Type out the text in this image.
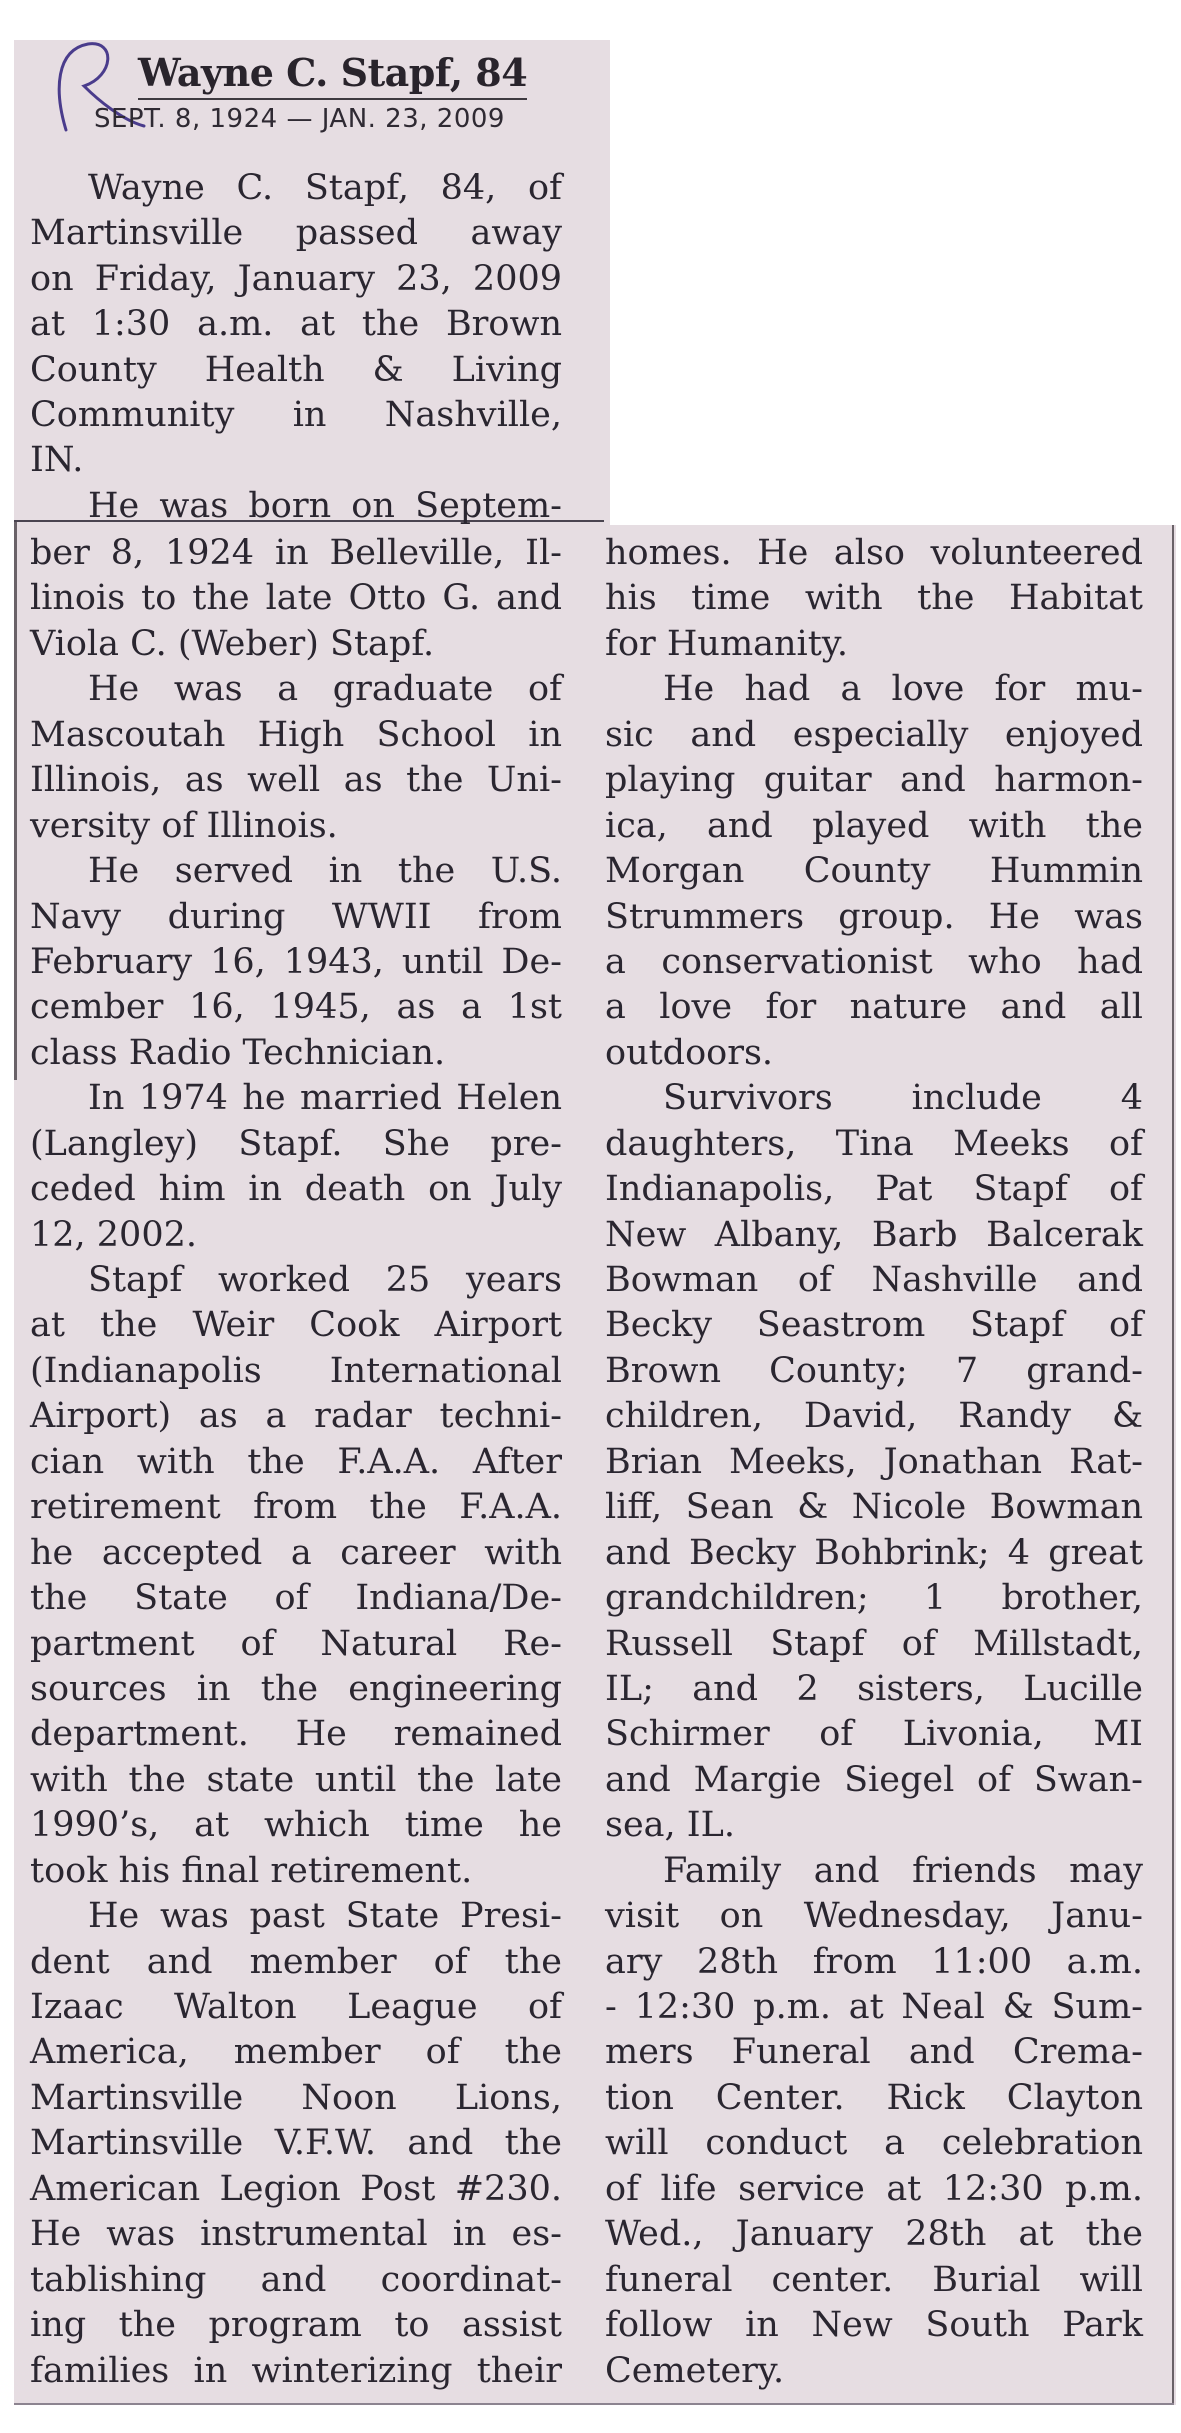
Wayne C. Stapf, 84
SEPT. 8, 1924 — JAN. 23, 2009
Wayne C. Stapf, 84, of
Martinsville passed away
on Friday, January 23, 2009
at 1:30 a.m. at the Brown
County Health & Living
Community in Nashville,
IN.
He was born on Septem-
ber 8, 1924 in Belleville, Il-
linois to the late Otto G. and
Viola C. (Weber) Stapf.
He was a graduate of
Mascoutah High School in
Illinois, as well as the Uni-
versity of Illinois.
He served in the U.S.
Navy during WWII from
February 16, 1943, until De-
cember 16, 1945, as a 1st
class Radio Technician.
In 1974 he married Helen
(Langley) Stapf. She pre-
ceded him in death on July
12, 2002.
Stapf worked 25 years
at the Weir Cook Airport
(Indianapolis International
Airport) as a radar techni-
cian with the F.A.A. After
retirement from the F.A.A.
he accepted a career with
the State of Indiana/De-
partment of Natural Re-
sources in the engineering
department. He remained
with the state until the late
1990’s, at which time he
took his final retirement.
He was past State Presi-
dent and member of the
Izaac Walton League of
America, member of the
Martinsville Noon Lions,
Martinsville V.F.W. and the
American Legion Post #230.
He was instrumental in es-
tablishing and coordinat-
ing the program to assist
families in winterizing their
homes. He also volunteered
his time with the Habitat
for Humanity.
He had a love for mu-
sic and especially enjoyed
playing guitar and harmon-
ica, and played with the
Morgan County Hummin
Strummers group. He was
a conservationist who had
a love for nature and all
outdoors.
Survivors include 4
daughters, Tina Meeks of
Indianapolis, Pat Stapf of
New Albany, Barb Balcerak
Bowman of Nashville and
Becky Seastrom Stapf of
Brown County; 7 grand-
children, David, Randy &
Brian Meeks, Jonathan Rat-
liff, Sean & Nicole Bowman
and Becky Bohbrink; 4 great
grandchildren; 1 brother,
Russell Stapf of Millstadt,
IL; and 2 sisters, Lucille
Schirmer of Livonia, MI
and Margie Siegel of Swan-
sea, IL.
Family and friends may
visit on Wednesday, Janu-
ary 28th from 11:00 a.m.
- 12:30 p.m. at Neal & Sum-
mers Funeral and Crema-
tion Center. Rick Clayton
will conduct a celebration
of life service at 12:30 p.m.
Wed., January 28th at the
funeral center. Burial will
follow in New South Park
Cemetery.
